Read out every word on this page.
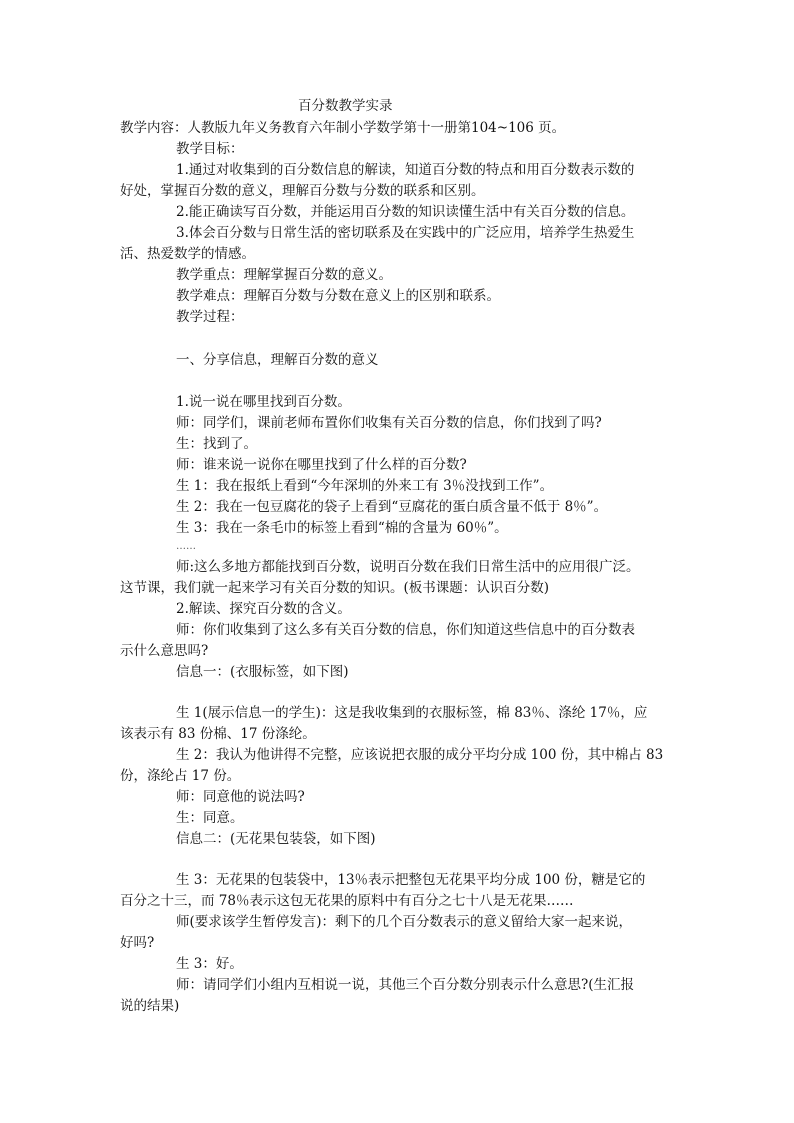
百分数教学实录
教学内容：人教版九年义务教育六年制小学数学第十一册第104~106 页。
教学目标：
1.通过对收集到的百分数信息的解读，知道百分数的特点和用百分数表示数的
好处，掌握百分数的意义，理解百分数与分数的联系和区别。
2.能正确读写百分数，并能运用百分数的知识读懂生活中有关百分数的信息。
3.体会百分数与日常生活的密切联系及在实践中的广泛应用，培养学生热爱生
活、热爱数学的情感。
教学重点：理解掌握百分数的意义。
教学难点：理解百分数与分数在意义上的区别和联系。
教学过程：
一、分享信息，理解百分数的意义
1.说一说在哪里找到百分数。
师：同学们，课前老师布置你们收集有关百分数的信息，你们找到了吗?
生：找到了。
师：谁来说一说你在哪里找到了什么样的百分数?
生 1：我在报纸上看到“今年深圳的外来工有 3％没找到工作”。
生 2：我在一包豆腐花的袋子上看到“豆腐花的蛋白质含量不低于 8％”。
生 3：我在一条毛巾的标签上看到“棉的含量为 60％”。
……
师:这么多地方都能找到百分数，说明百分数在我们日常生活中的应用很广泛。
这节课，我们就一起来学习有关百分数的知识。(板书课题：认识百分数)
2.解读、探究百分数的含义。
师：你们收集到了这么多有关百分数的信息，你们知道这些信息中的百分数表
示什么意思吗?
信息一：(衣服标签，如下图)
生 1(展示信息一的学生)：这是我收集到的衣服标签，棉 83％、涤纶 17％，应
该表示有 83 份棉、17 份涤纶。
生 2：我认为他讲得不完整，应该说把衣服的成分平均分成 100 份，其中棉占 83
份，涤纶占 17 份。
师：同意他的说法吗?
生：同意。
信息二：(无花果包装袋，如下图)
生 3：无花果的包装袋中，13％表示把整包无花果平均分成 100 份，糖是它的
百分之十三，而 78％表示这包无花果的原料中有百分之七十八是无花果……
师(要求该学生暂停发言)：剩下的几个百分数表示的意义留给大家一起来说，
好吗?
生 3：好。
师：请同学们小组内互相说一说，其他三个百分数分别表示什么意思?(生汇报
说的结果)
